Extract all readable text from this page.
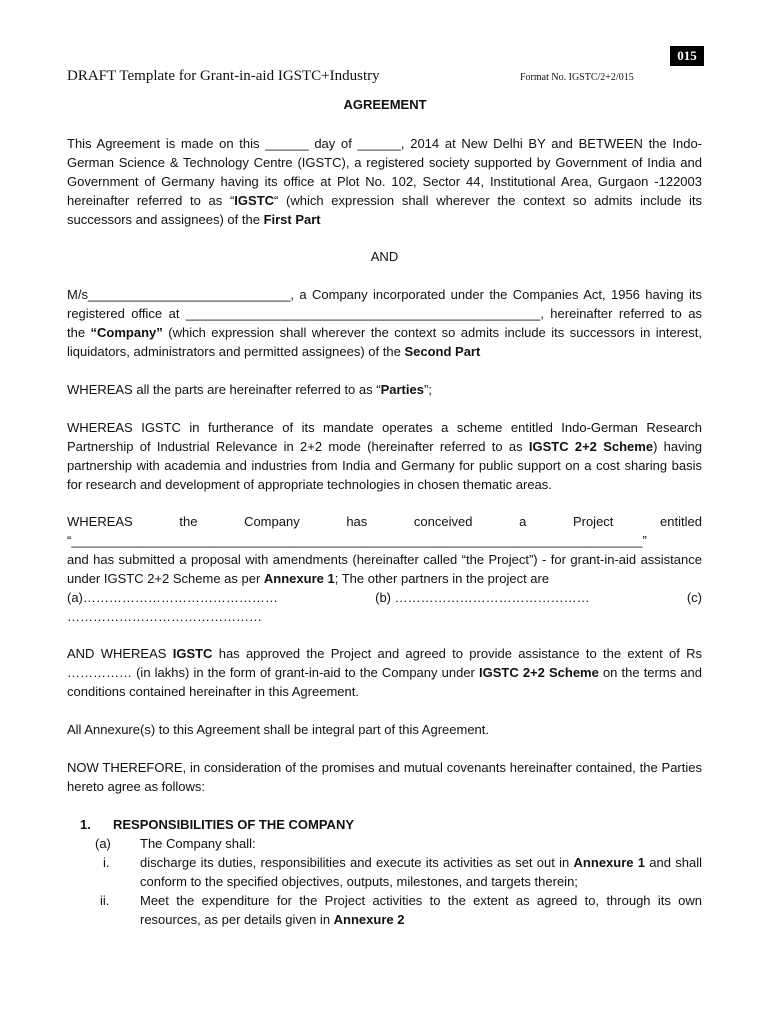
015
DRAFT Template for Grant-in-aid IGSTC+Industry	Format No. IGSTC/2+2/015
AGREEMENT
This Agreement is made on this ______ day of ______, 2014 at New Delhi BY and BETWEEN the Indo-German Science & Technology Centre (IGSTC), a registered society supported by Government of India and Government of Germany having its office at Plot No. 102, Sector 44, Institutional Area, Gurgaon -122003 hereinafter referred to as “IGSTC“ (which expression shall wherever the context so admits include its successors and assignees) of the First Part
AND
M/s____________________________, a Company incorporated under the Companies Act, 1956 having its registered office at _________________________________________________, hereinafter referred to as the “Company” (which expression shall wherever the context so admits include its successors in interest, liquidators, administrators and permitted assignees) of the Second Part
WHEREAS all the parts are hereinafter referred to as “Parties”;
WHEREAS IGSTC in furtherance of its mandate operates a scheme entitled Indo-German Research Partnership of Industrial Relevance in 2+2 mode (hereinafter referred to as IGSTC 2+2 Scheme) having partnership with academia and industries from India and Germany for public support on a cost sharing basis for research and development of appropriate technologies in chosen thematic areas.
WHEREAS	the	Company	has	conceived	a	Project	entitled
“_______________________________________________________________________________”
and has submitted a proposal with amendments (hereinafter called “the Project”) - for grant-in-aid assistance under IGSTC 2+2 Scheme as per Annexure 1; The other partners in the project are
(a)………………………………………	(b) ………………………………………	(c)
………………………………………
AND WHEREAS IGSTC has approved the Project and agreed to provide assistance to the extent of Rs …………… (in lakhs) in the form of grant-in-aid to the Company under IGSTC 2+2 Scheme on the terms and conditions contained hereinafter in this Agreement.
All Annexure(s) to this Agreement shall be integral part of this Agreement.
NOW THEREFORE, in consideration of the promises and mutual covenants hereinafter contained, the Parties hereto agree as follows:
1. RESPONSIBILITIES OF THE COMPANY
(a) The Company shall:
i. discharge its duties, responsibilities and execute its activities as set out in Annexure 1 and shall conform to the specified objectives, outputs, milestones, and targets therein;
ii. Meet the expenditure for the Project activities to the extent as agreed to, through its own resources, as per details given in Annexure 2
